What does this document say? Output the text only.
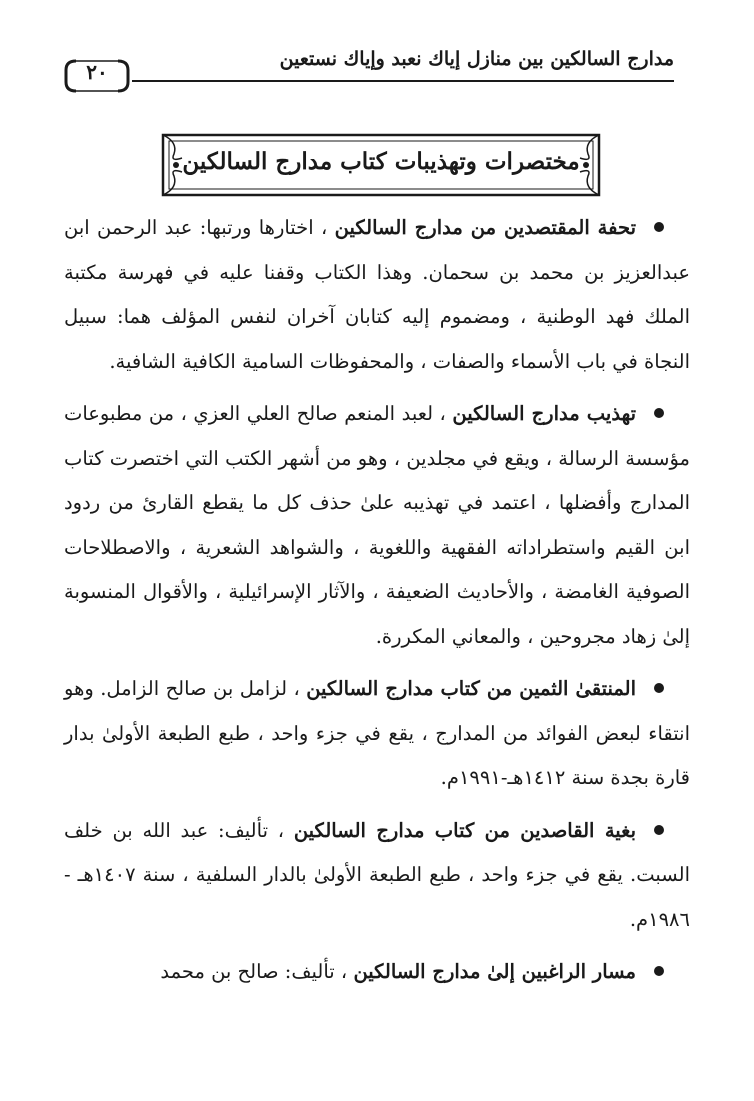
مدارج السالكين بين منازل إياك نعبد وإياك نستعين
٢٠
مختصرات وتهذيبات كتاب مدارج السالكين

تحفة المقتصدين من مدارج السالكين ، اختارها ورتبها: عبد الرحمن ابن عبدالعزيز بن محمد بن سحمان. وهذا الكتاب وقفنا عليه في فهرسة مكتبة الملك فهد الوطنية ، ومضموم إليه كتابان آخران لنفس المؤلف هما: سبيل النجاة في باب الأسماء والصفات ، والمحفوظات السامية الكافية الشافية.

تهذيب مدارج السالكين ، لعبد المنعم صالح العلي العزي ، من مطبوعات مؤسسة الرسالة ، ويقع في مجلدين ، وهو من أشهر الكتب التي اختصرت كتاب المدارج وأفضلها ، اعتمد في تهذيبه علىٰ حذف كل ما يقطع القارئ من ردود ابن القيم واستطراداته الفقهية واللغوية ، والشواهد الشعرية ، والاصطلاحات الصوفية الغامضة ، والأحاديث الضعيفة ، والآثار الإسرائيلية ، والأقوال المنسوبة إلىٰ زهاد مجروحين ، والمعاني المكررة.

المنتقىٰ الثمين من كتاب مدارج السالكين ، لزامل بن صالح الزامل. وهو انتقاء لبعض الفوائد من المدارج ، يقع في جزء واحد ، طبع الطبعة الأولىٰ بدار قارة بجدة سنة ١٤١٢هـ-١٩٩١م.

بغية القاصدين من كتاب مدارج السالكين ، تأليف: عبد الله بن خلف السبت. يقع في جزء واحد ، طبع الطبعة الأولىٰ بالدار السلفية ، سنة ١٤٠٧هـ - ١٩٨٦م.

مسار الراغبين إلىٰ مدارج السالكين ، تأليف: صالح بن محمد
